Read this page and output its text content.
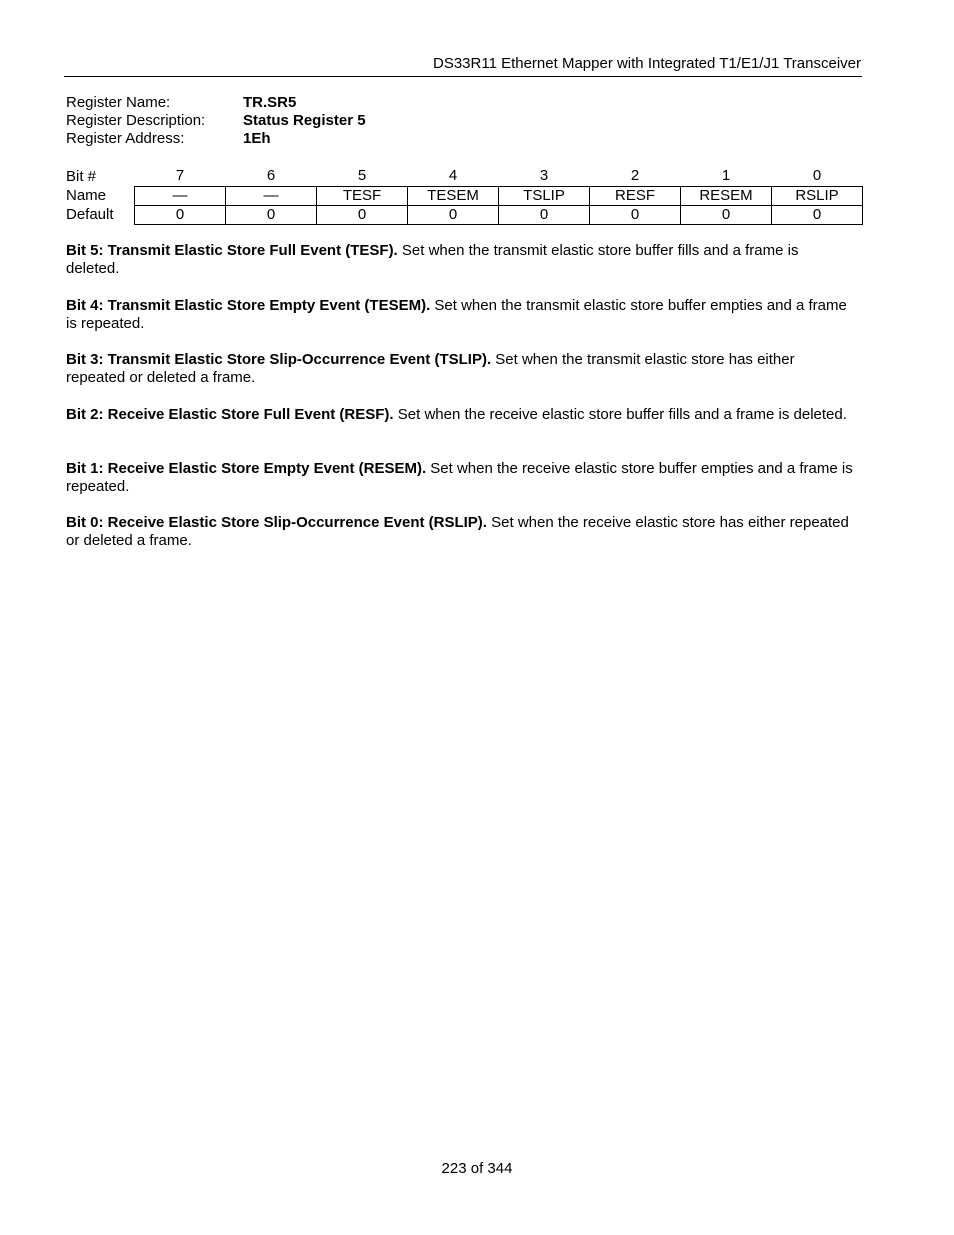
DS33R11 Ethernet Mapper with Integrated T1/E1/J1 Transceiver
Register Name:	TR.SR5
Register Description:	Status Register 5
Register Address:	1Eh
Bit #	7	6	5	4	3	2	1	0
Name	—	—	TESF	TESEM	TSLIP	RESF	RESEM	RSLIP
Default	0	0	0	0	0	0	0	0
Bit 5: Transmit Elastic Store Full Event (TESF). Set when the transmit elastic store buffer fills and a frame is deleted.
Bit 4: Transmit Elastic Store Empty Event (TESEM). Set when the transmit elastic store buffer empties and a frame is repeated.
Bit 3: Transmit Elastic Store Slip-Occurrence Event (TSLIP). Set when the transmit elastic store has either repeated or deleted a frame.
Bit 2: Receive Elastic Store Full Event (RESF). Set when the receive elastic store buffer fills and a frame is deleted.
Bit 1: Receive Elastic Store Empty Event (RESEM). Set when the receive elastic store buffer empties and a frame is repeated.
Bit 0: Receive Elastic Store Slip-Occurrence Event (RSLIP). Set when the receive elastic store has either repeated or deleted a frame.
223 of 344
